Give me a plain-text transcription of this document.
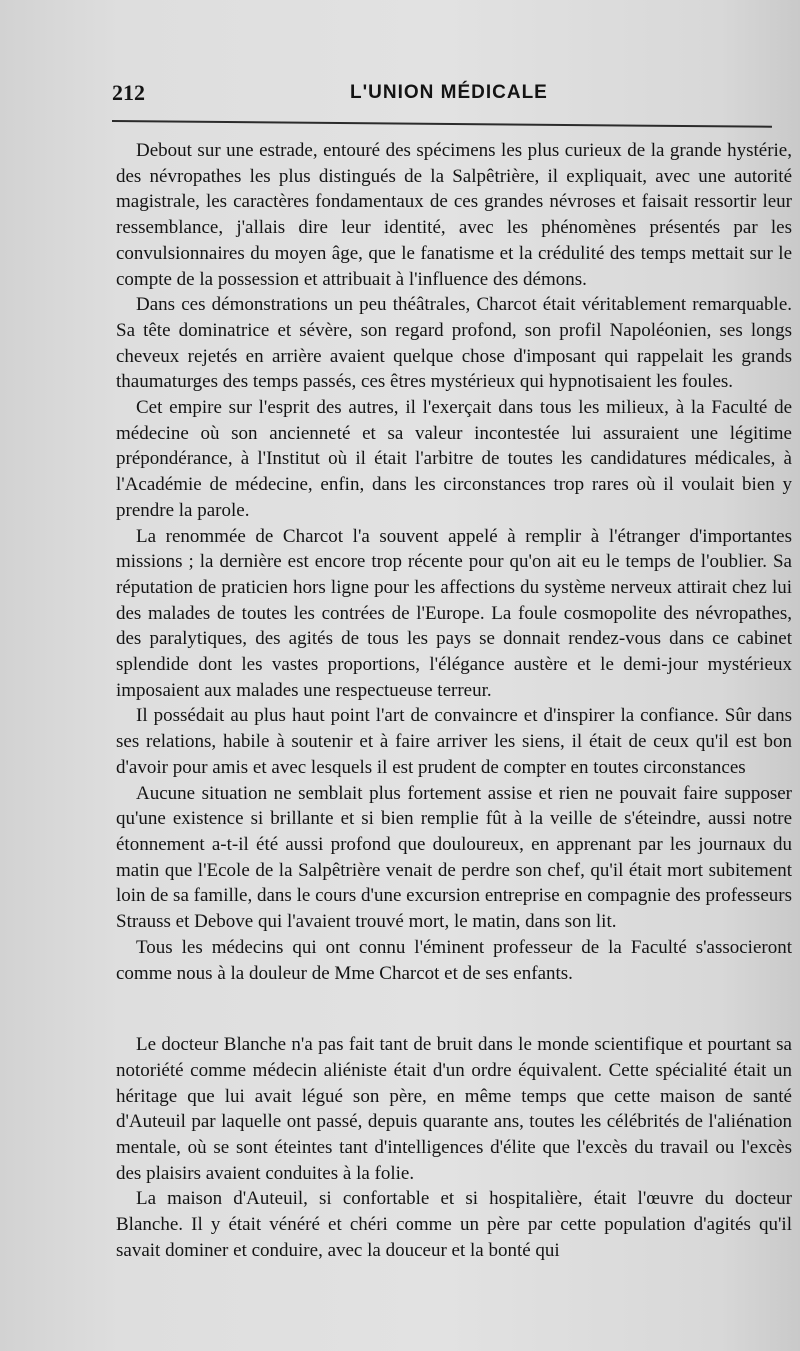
212	L'UNION MÉDICALE

Debout sur une estrade, entouré des spécimens les plus curieux de la grande hystérie, des névropathes les plus distingués de la Salpêtrière, il expliquait, avec une autorité magistrale, les caractères fondamentaux de ces grandes névroses et faisait ressortir leur ressemblance, j'allais dire leur identité, avec les phénomènes présentés par les convulsionnaires du moyen âge, que le fanatisme et la crédulité des temps mettait sur le compte de la possession et attribuait à l'influence des démons.

Dans ces démonstrations un peu théâtrales, Charcot était véritablement remarquable. Sa tête dominatrice et sévère, son regard profond, son profil Napoléonien, ses longs cheveux rejetés en arrière avaient quelque chose d'imposant qui rappelait les grands thaumaturges des temps passés, ces êtres mystérieux qui hypnotisaient les foules.

Cet empire sur l'esprit des autres, il l'exerçait dans tous les milieux, à la Faculté de médecine où son ancienneté et sa valeur incontestée lui assuraient une légitime prépondérance, à l'Institut où il était l'arbitre de toutes les candidatures médicales, à l'Académie de médecine, enfin, dans les circonstances trop rares où il voulait bien y prendre la parole.

La renommée de Charcot l'a souvent appelé à remplir à l'étranger d'importantes missions ; la dernière est encore trop récente pour qu'on ait eu le temps de l'oublier. Sa réputation de praticien hors ligne pour les affections du système nerveux attirait chez lui des malades de toutes les contrées de l'Europe. La foule cosmopolite des névropathes, des paralytiques, des agités de tous les pays se donnait rendez-vous dans ce cabinet splendide dont les vastes proportions, l'élégance austère et le demi-jour mystérieux imposaient aux malades une respectueuse terreur.

Il possédait au plus haut point l'art de convaincre et d'inspirer la confiance. Sûr dans ses relations, habile à soutenir et à faire arriver les siens, il était de ceux qu'il est bon d'avoir pour amis et avec lesquels il est prudent de compter en toutes circonstances

Aucune situation ne semblait plus fortement assise et rien ne pouvait faire supposer qu'une existence si brillante et si bien remplie fût à la veille de s'éteindre, aussi notre étonnement a-t-il été aussi profond que douloureux, en apprenant par les journaux du matin que l'Ecole de la Salpêtrière venait de perdre son chef, qu'il était mort subitement loin de sa famille, dans le cours d'une excursion entreprise en compagnie des professeurs Strauss et Debove qui l'avaient trouvé mort, le matin, dans son lit.

Tous les médecins qui ont connu l'éminent professeur de la Faculté s'associeront comme nous à la douleur de Mme Charcot et de ses enfants.

Le docteur Blanche n'a pas fait tant de bruit dans le monde scientifique et pourtant sa notoriété comme médecin aliéniste était d'un ordre équivalent. Cette spécialité était un héritage que lui avait légué son père, en même temps que cette maison de santé d'Auteuil par laquelle ont passé, depuis quarante ans, toutes les célébrités de l'aliénation mentale, où se sont éteintes tant d'intelligences d'élite que l'excès du travail ou l'excès des plaisirs avaient conduites à la folie.

La maison d'Auteuil, si confortable et si hospitalière, était l'œuvre du docteur Blanche. Il y était vénéré et chéri comme un père par cette population d'agités qu'il savait dominer et conduire, avec la douceur et la bonté qui
